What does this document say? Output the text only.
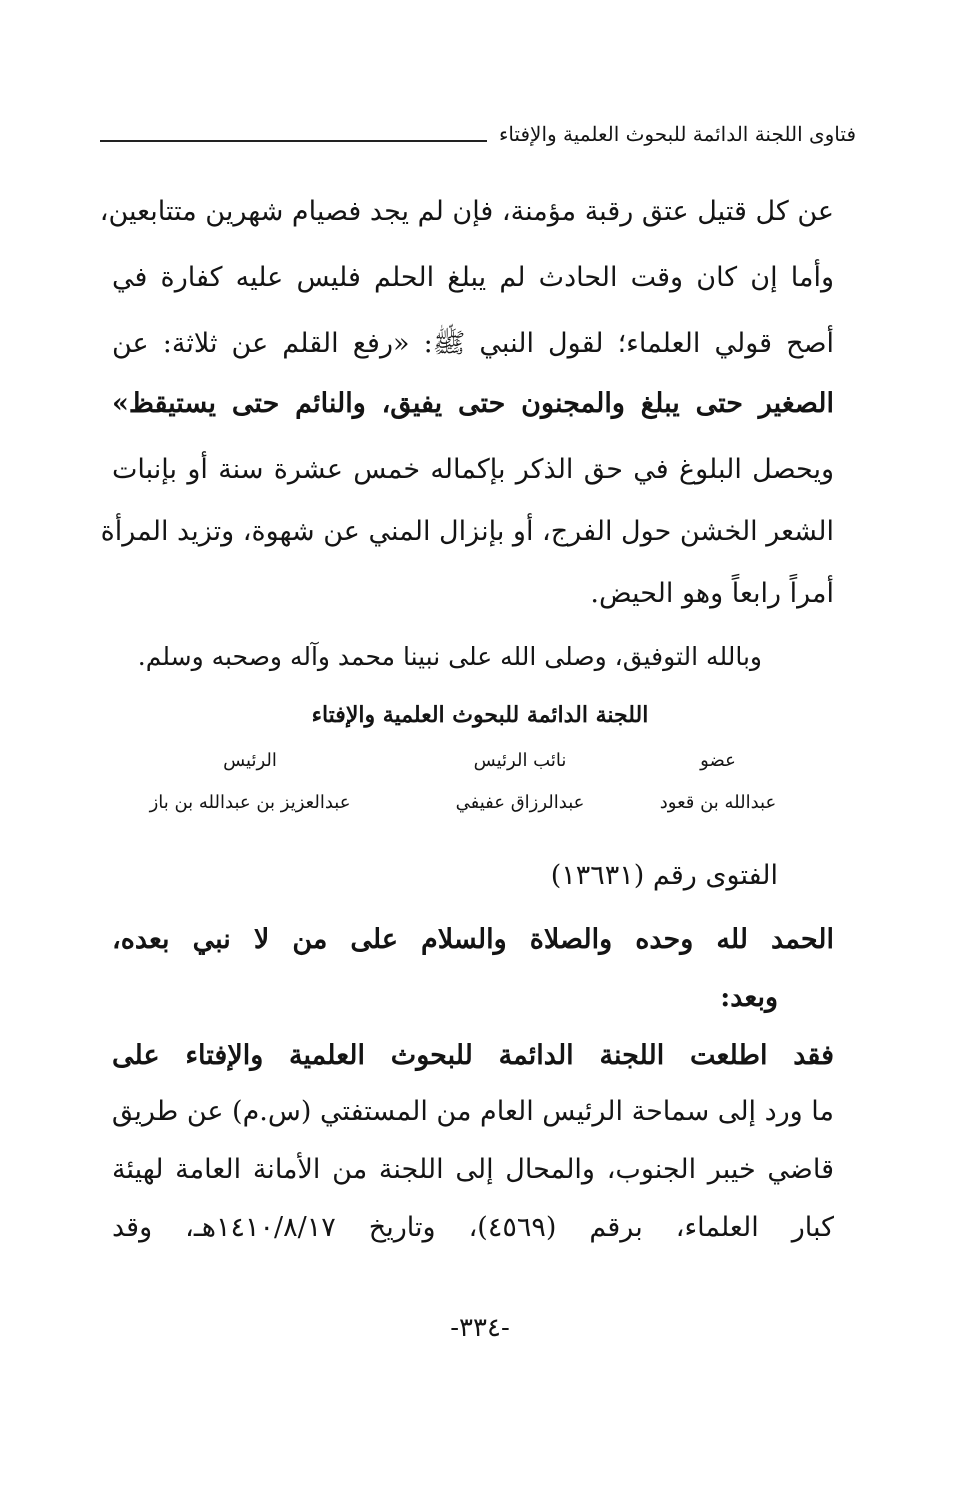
فتاوى اللجنة الدائمة للبحوث العلمية والإفتاء
عن كل قتيل عتق رقبة مؤمنة، فإن لم يجد فصيام شهرين متتابعين،
وأما إن كان وقت الحادث لم يبلغ الحلم فليس عليه كفارة في
أصح قولي العلماء؛ لقول النبي ﷺ: «رفع القلم عن ثلاثة: عن
الصغير حتى يبلغ والمجنون حتى يفيق، والنائم حتى يستيقظ»
ويحصل البلوغ في حق الذكر بإكماله خمس عشرة سنة أو بإنبات
الشعر الخشن حول الفرج، أو بإنزال المني عن شهوة، وتزيد المرأة
أمراً رابعاً وهو الحيض.
وبالله التوفيق، وصلى الله على نبينا محمد وآله وصحبه وسلم.
اللجنة الدائمة للبحوث العلمية والإفتاء
عضو
نائب الرئيس
الرئيس
عبدالله بن قعود
عبدالرزاق عفيفي
عبدالعزيز بن عبدالله بن باز
الفتوى رقم (١٣٦٣١)
الحمد لله وحده والصلاة والسلام على من لا نبي بعده،
وبعد:
فقد اطلعت اللجنة الدائمة للبحوث العلمية والإفتاء على
ما ورد إلى سماحة الرئيس العام من المستفتي (س.م) عن طريق
قاضي خيبر الجنوب، والمحال إلى اللجنة من الأمانة العامة لهيئة
كبار العلماء، برقم (٤٥٦٩)، وتاريخ ١٤١٠/٨/١٧هـ، وقد
-٣٣٤-
